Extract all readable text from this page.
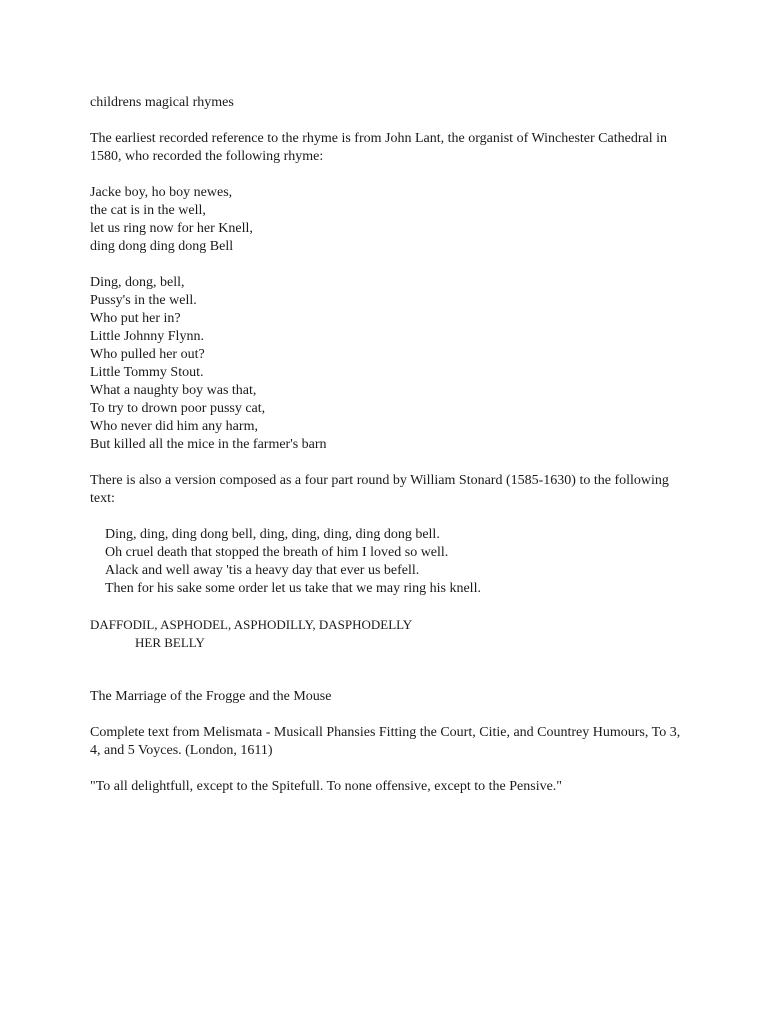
childrens magical rhymes
The earliest recorded reference to the rhyme is from John Lant, the organist of Winchester Cathedral in 1580, who recorded the following rhyme:
Jacke boy, ho boy newes,
the cat is in the well,
let us ring now for her Knell,
ding dong ding dong Bell
Ding, dong, bell,
Pussy's in the well.
Who put her in?
Little Johnny Flynn.
Who pulled her out?
Little Tommy Stout.
What a naughty boy was that,
To try to drown poor pussy cat,
Who never did him any harm,
But killed all the mice in the farmer's barn
There is also a version composed as a four part round by William Stonard (1585-1630) to the following text:
Ding, ding, ding dong bell, ding, ding, ding, ding dong bell.
Oh cruel death that stopped the breath of him I loved so well.
Alack and well away 'tis a heavy day that ever us befell.
Then for his sake some order let us take that we may ring his knell.
DAFFODIL, ASPHODEL, ASPHODILLY, DASPHODELLY
HER BELLY
The Marriage of the Frogge and the Mouse
Complete text from Melismata - Musicall Phansies Fitting the Court, Citie, and Countrey Humours, To 3, 4, and 5 Voyces. (London, 1611)
"To all delightfull, except to the Spitefull. To none offensive, except to the Pensive."
